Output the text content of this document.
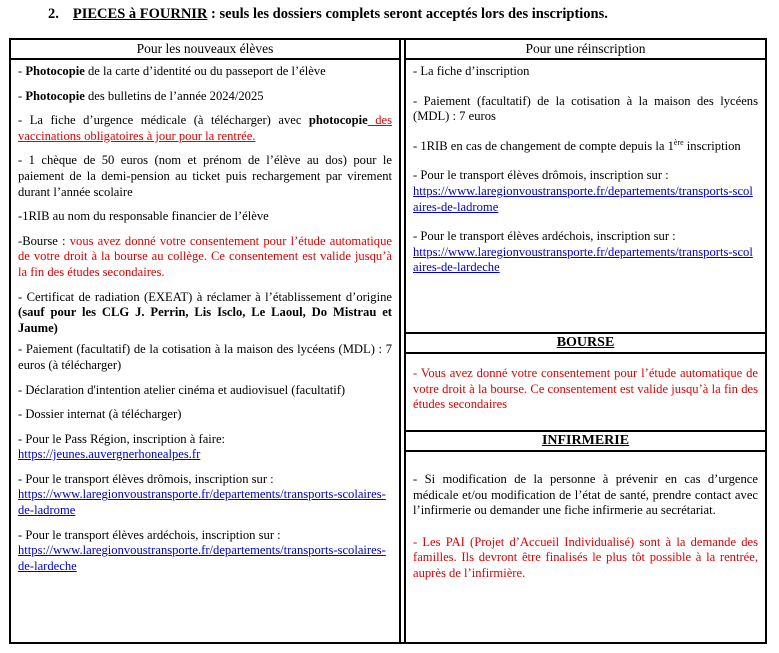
2. PIECES à FOURNIR : seuls les dossiers complets seront acceptés lors des inscriptions.
Pour les nouveaux élèves
- Photocopie de la carte d’identité ou du passeport de l’élève
- Photocopie des bulletins de l’année 2024/2025
- La fiche d’urgence médicale (à télécharger) avec photocopie des vaccinations obligatoires à jour pour la rentrée.
- 1 chèque de 50 euros (nom et prénom de l’élève au dos) pour le paiement de la demi-pension au ticket puis rechargement par virement durant l’année scolaire
-1RIB au nom du responsable financier de l’élève
-Bourse : vous avez donné votre consentement pour l’étude automatique de votre droit à la bourse au collège. Ce consentement est valide jusqu’à la fin des études secondaires.
- Certificat de radiation (EXEAT) à réclamer à l’établissement d’origine (sauf pour les CLG J. Perrin, Lis Isclo, Le Laoul, Do Mistrau et Jaume)
- Paiement (facultatif) de la cotisation à la maison des lycéens (MDL) : 7 euros (à télécharger)
- Déclaration d'intention atelier cinéma et audiovisuel (facultatif)
- Dossier internat (à télécharger)
- Pour le Pass Région, inscription à faire:
https://jeunes.auvergnerhonealpes.fr
- Pour le transport élèves drômois, inscription sur :
https://www.laregionvoustransporte.fr/departements/transports-scolaires-de-ladrome
- Pour le transport élèves ardéchois, inscription sur :
https://www.laregionvoustransporte.fr/departements/transports-scolaires-de-lardeche
Pour une réinscription
- La fiche d’inscription
- Paiement (facultatif) de la cotisation à la maison des lycéens (MDL) : 7 euros
- 1RIB en cas de changement de compte depuis la 1ère inscription
- Pour le transport élèves drômois, inscription sur :
https://www.laregionvoustransporte.fr/departements/transports-scolaires-de-ladrome
- Pour le transport élèves ardéchois, inscription sur :
https://www.laregionvoustransporte.fr/departements/transports-scolaires-de-lardeche
BOURSE
- Vous avez donné votre consentement pour l’étude automatique de votre droit à la bourse. Ce consentement est valide jusqu’à la fin des études secondaires
INFIRMERIE
- Si modification de la personne à prévenir en cas d’urgence médicale et/ou modification de l’état de santé, prendre contact avec l’infirmerie ou demander une fiche infirmerie au secrétariat.
- Les PAI (Projet d’Accueil Individualisé) sont à la demande des familles. Ils devront être finalisés le plus tôt possible à la rentrée, auprès de l’infirmière.
